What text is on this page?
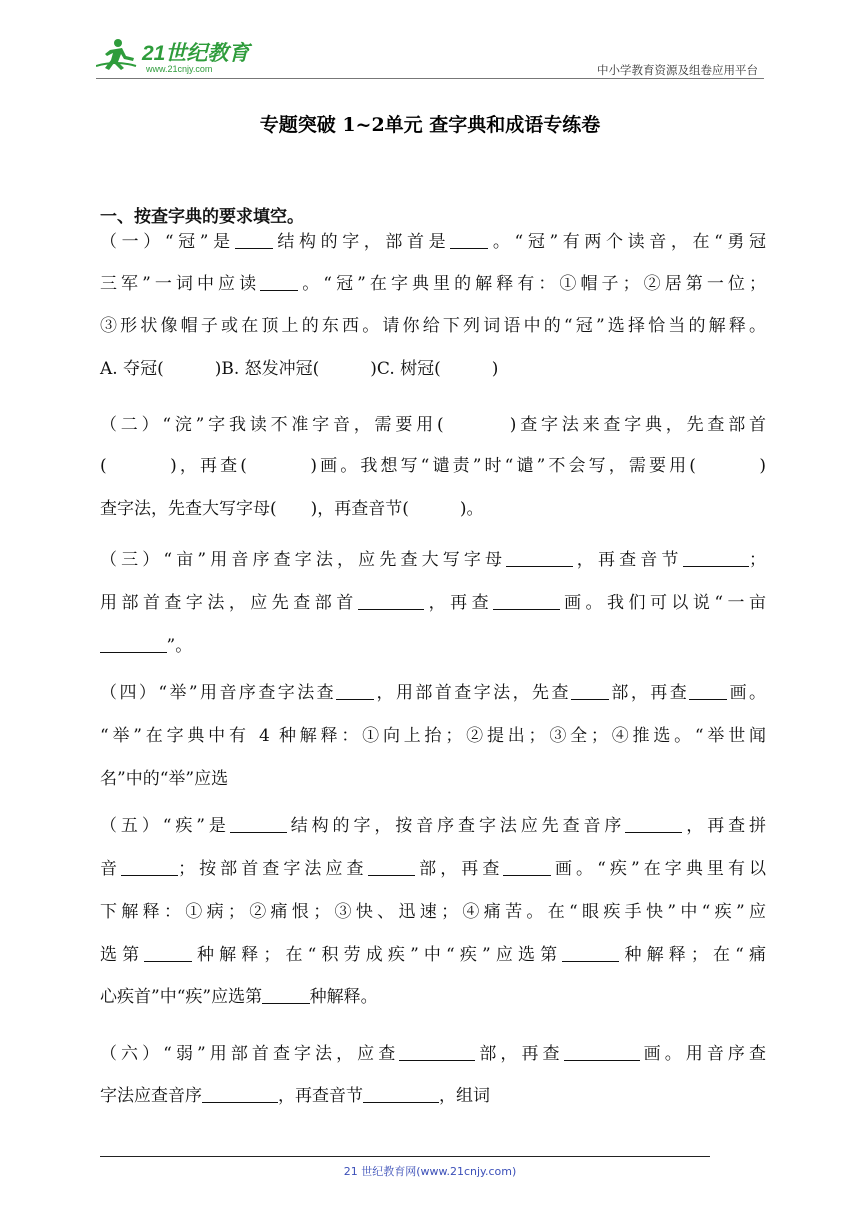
21世纪教育
www.21cnjy.com	中小学教育资源及组卷应用平台
专题突破 1~2单元 查字典和成语专练卷
一、按查字典的要求填空。
（一）“冠”是 结构的字，部首是 。“冠”有两个读音，在“勇冠
三军”一词中应读 。“冠”在字典里的解释有：①帽子；②居第一位；
③形状像帽子或在顶上的东西。请你给下列词语中的“冠”选择恰当的解释。
A. 夺冠(　　　)B. 怒发冲冠(　　　)C. 树冠(　　　)
（二）“浣”字我读不准字音，需要用(　　　)查字法来查字典，先查部首
(　　　)，再查(　　　)画。我想写“谴责”时“谴”不会写，需要用(　　　)
查字法，先查大写字母(　　)，再查音节(　　　)。
（三）“亩”用音序查字法，应先查大写字母	，再查音节	；
用部首查字法，应先查部首	，再查	画。我们可以说“一亩
”。
（四）“举”用音序查字法查 ，用部首查字法，先查 部，再查 画。
“举”在字典中有 4 种解释：①向上抬；②提出；③全；④推选。“举世闻
名”中的“举”应选
（五）“疾”是	结构的字，按音序查字法应先查音序	，再查拼
音	；按部首查字法应查	部，再查	画。“疾”在字典里有以
下解释：①病；②痛恨；③快、迅速；④痛苦。在“眼疾手快”中“疾”应
选第	种解释；在“积劳成疾”中“疾”应选第	种解释；在“痛
心疾首”中“疾”应选第	种解释。
（六）“弱”用部首查字法，应查	部，再查	画。用音序查
字法应查音序	，再查音节	，组词
21 世纪教育网(www.21cnjy.com)
